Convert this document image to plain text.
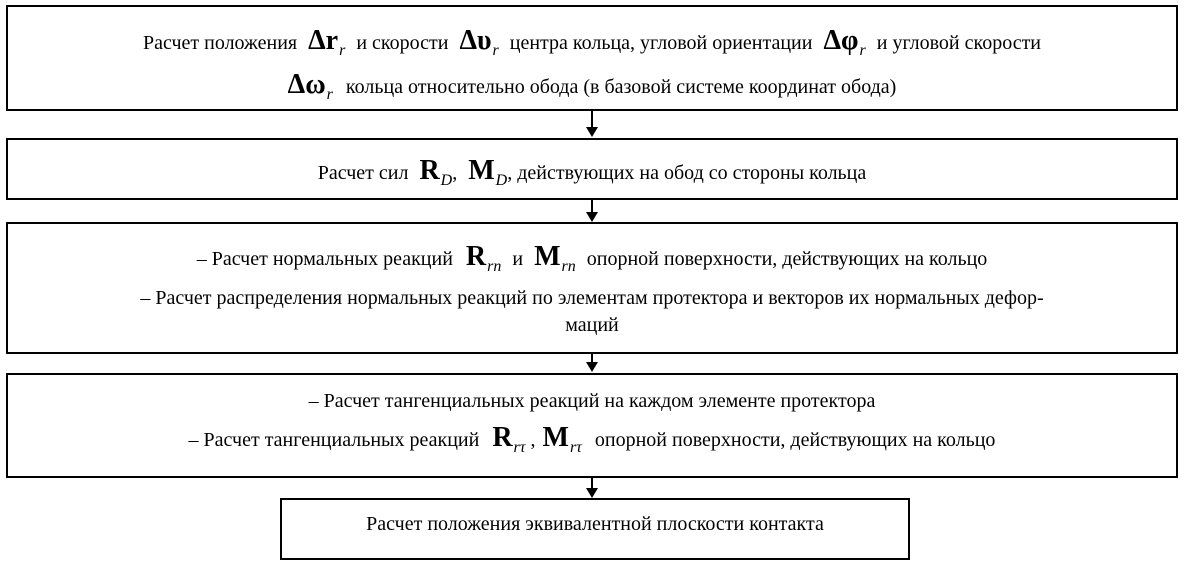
Расчет положения $\Delta r_r$ и скорости $\Delta\upsilon_r$ центра кольца, угловой ориентации $\Delta\varphi_r$ и угловой скорости
$\Delta\omega_r$ кольца относительно обода (в базовой системе координат обода)
Расчет сил $R_D$, $M_D$, действующих на обод со стороны кольца
– Расчет нормальных реакций $R_{rn}$ и $M_{rn}$ опорной поверхности, действующих на кольцо
– Расчет распределения нормальных реакций по элементам протектора и векторов их нормальных дефор-
маций
– Расчет тангенциальных реакций на каждом элементе протектора
– Расчет тангенциальных реакций $R_{r\tau}$ , $M_{r\tau}$ опорной поверхности, действующих на кольцо
Расчет положения эквивалентной плоскости контакта
